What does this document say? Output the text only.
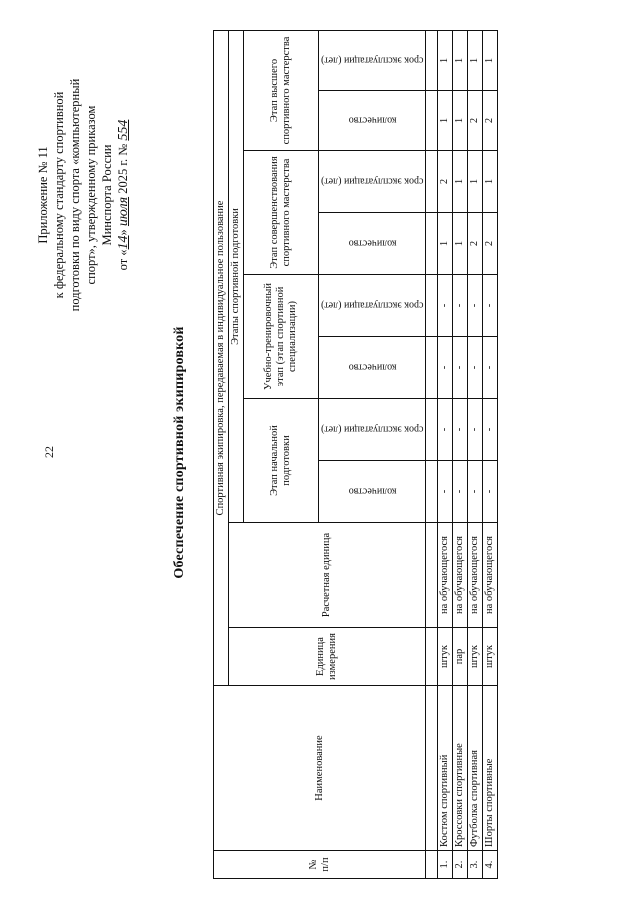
22
Приложение № 11 к федеральному стандарту спортивной подготовки по виду спорта «компьютерный спорт», утвержденному приказом Минспорта России
от «14» июля 2025 г. № 554
Обеспечение спортивной экипировкой
№ п/п	Наименование	Спортивная экипировка, передаваемая в индивидуальное пользование									
		Единица измерения	Расчетная единица	Этапы спортивной подготовки							
				Этап начальной подготовки		Учебно-тренировочный этап (этап спортивной специализации)		Этап совершенствования спортивного мастерства		Этап высшего спортивного мастерства	
				количество	срок эксплуатации (лет)	количество	срок эксплуатации (лет)	количество	срок эксплуатации (лет)	количество	срок эксплуатации (лет)

1.	Костюм спортивный	штук	на обучающегося	-	-	-	-	1	2	1	1
2.	Кроссовки спортивные	пар	на обучающегося	-	-	-	-	1	1	1	1
3.	Футболка спортивная	штук	на обучающегося	-	-	-	-	2	1	2	1
4.	Шорты спортивные	штук	на обучающегося	-	-	-	-	2	1	2	1
